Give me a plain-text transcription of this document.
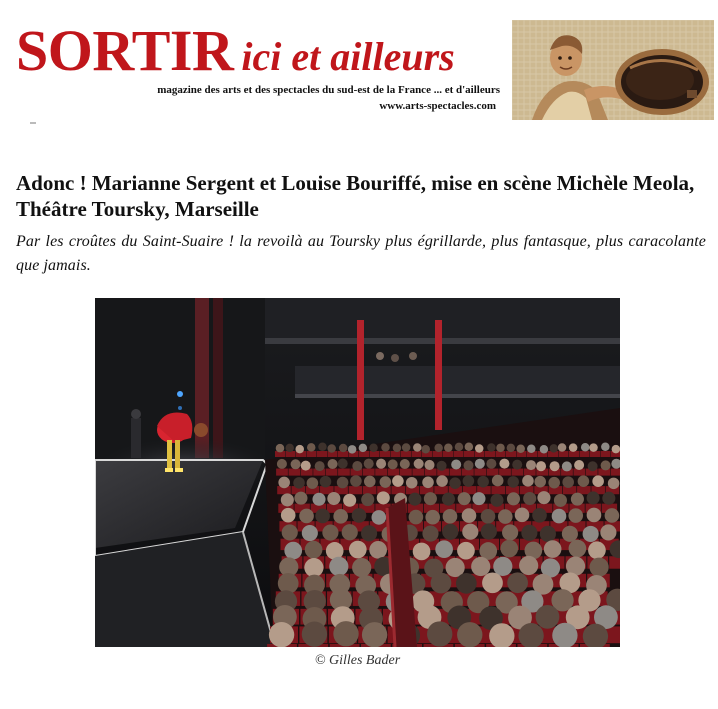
SORTIR ici et ailleurs
magazine des arts et des spectacles du sud-est de la France ... et d'ailleurs
www.arts-spectacles.com
Adonc ! Marianne Sergent et Louise Bouriffé, mise en scène Michèle Meola, Théâtre Toursky, Marseille

Par les croûtes du Saint-Suaire ! la revoilà au Toursky plus égrillarde, plus fantasque, plus caracolante que jamais.

© Gilles Bader
